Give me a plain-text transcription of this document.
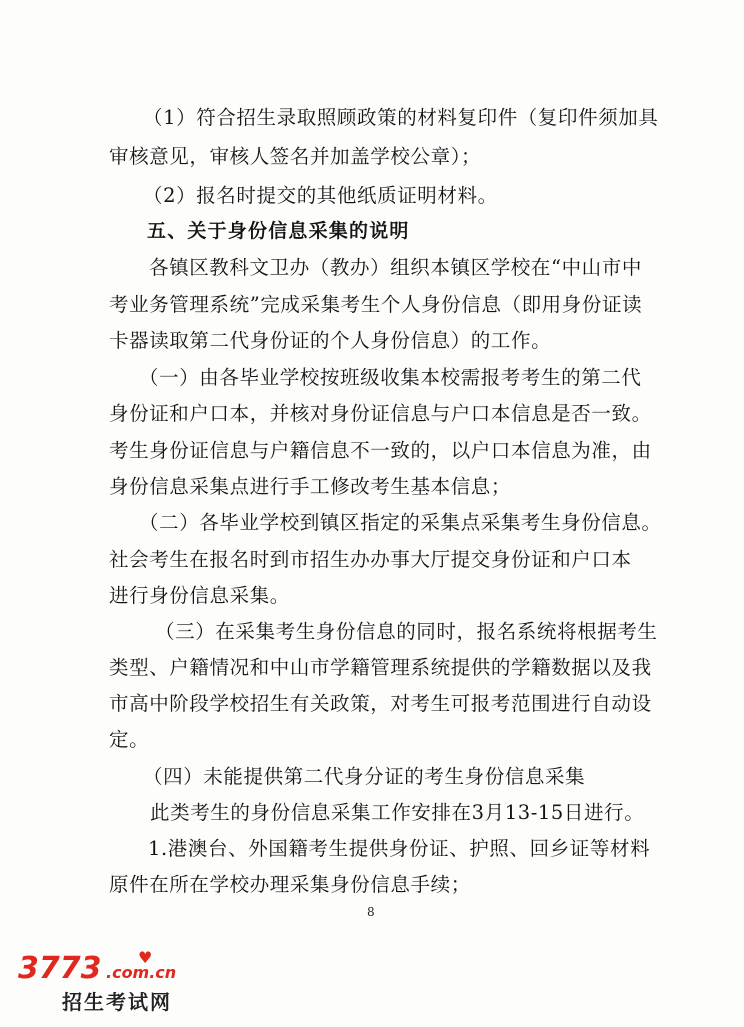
（1）符合招生录取照顾政策的材料复印件（复印件须加具
审核意见，审核人签名并加盖学校公章）；
（2）报名时提交的其他纸质证明材料。
五、关于身份信息采集的说明
各镇区教科文卫办（教办）组织本镇区学校在“中山市中
考业务管理系统”完成采集考生个人身份信息（即用身份证读
卡器读取第二代身份证的个人身份信息）的工作。
（一）由各毕业学校按班级收集本校需报考考生的第二代
身份证和户口本，并核对身份证信息与户口本信息是否一致。
考生身份证信息与户籍信息不一致的，以户口本信息为准，由
身份信息采集点进行手工修改考生基本信息；
（二）各毕业学校到镇区指定的采集点采集考生身份信息。
社会考生在报名时到市招生办办事大厅提交身份证和户口本
进行身份信息采集。
（三）在采集考生身份信息的同时，报名系统将根据考生
类型、户籍情况和中山市学籍管理系统提供的学籍数据以及我
市高中阶段学校招生有关政策，对考生可报考范围进行自动设
定。
（四）未能提供第二代身分证的考生身份信息采集
此类考生的身份信息采集工作安排在3月13-15日进行。
1.港澳台、外国籍考生提供身份证、护照、回乡证等材料
原件在所在学校办理采集身份信息手续；
8
3773 ♥
.com.cn
招生考试网
